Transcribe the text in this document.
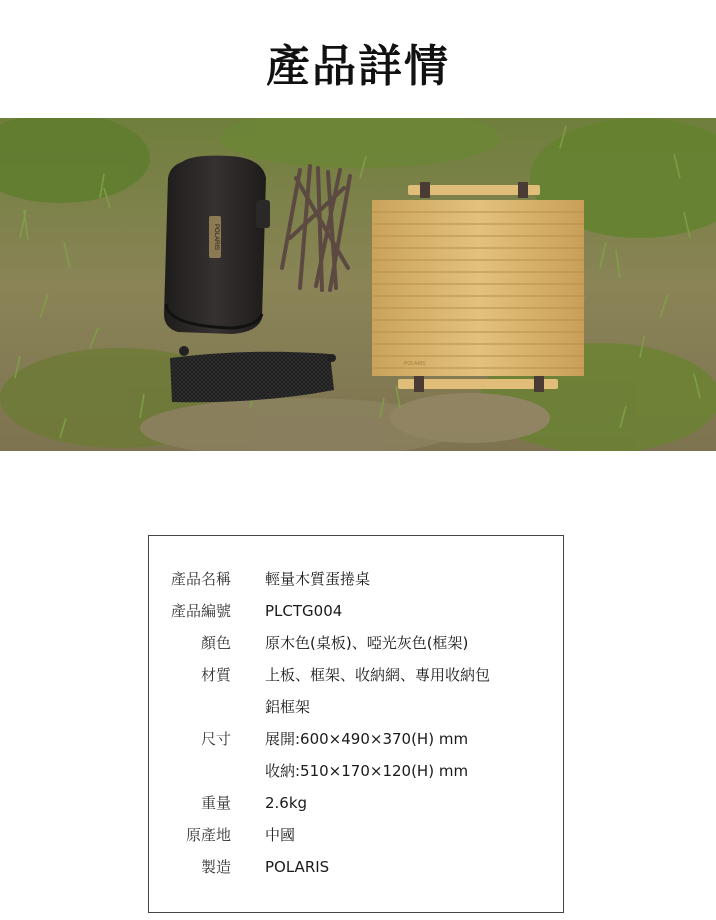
產品詳情
POLARIS
POLARIS
產品名稱 輕量木質蛋捲桌
產品編號 PLCTG004
顏色 原木色(桌板)、啞光灰色(框架)
材質 上板、框架、收納網、專用收納包
鋁框架
尺寸 展開:600×490×370(H) mm
收納:510×170×120(H) mm
重量 2.6kg
原產地 中國
製造 POLARIS
